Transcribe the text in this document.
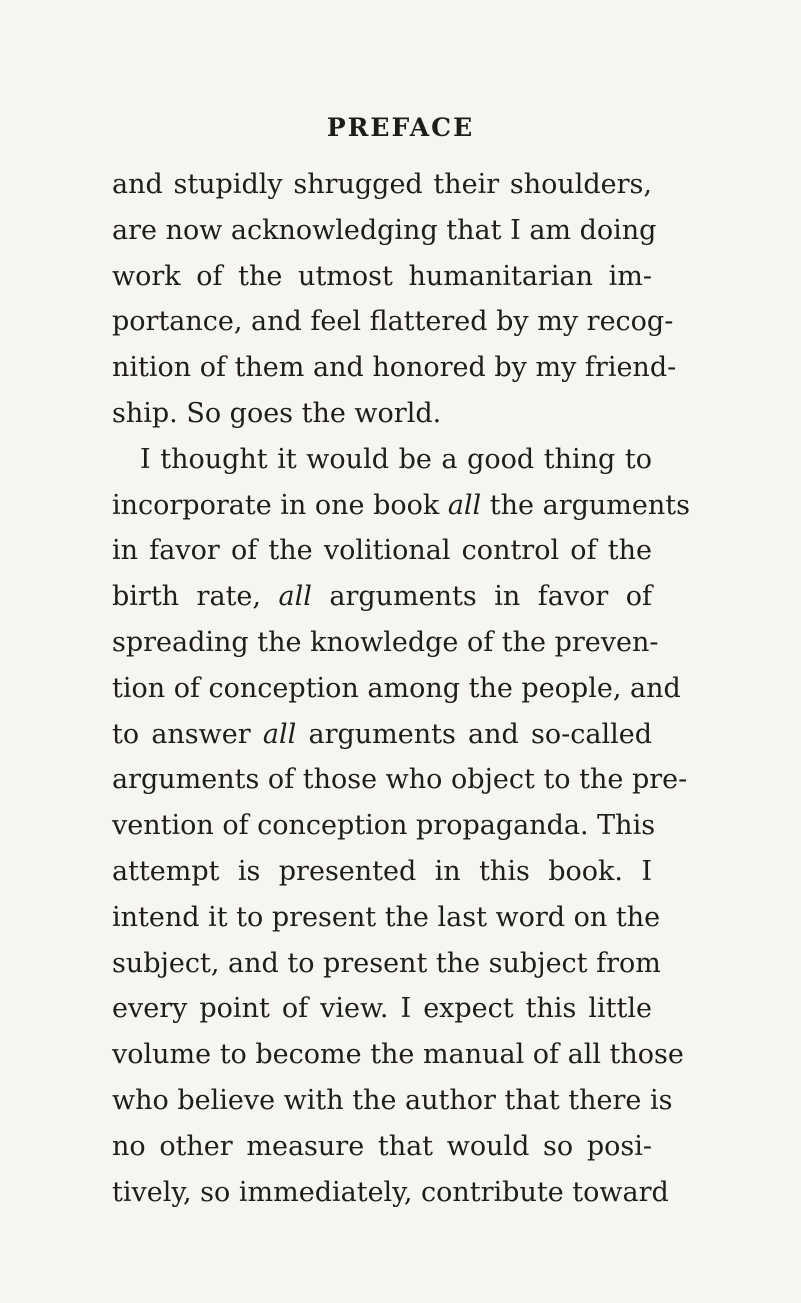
PREFACE
and stupidly shrugged their shoulders,
are now acknowledging that I am doing
work of the utmost humanitarian im-
portance, and feel flattered by my recog-
nition of them and honored by my friend-
ship. So goes the world.
I thought it would be a good thing to
incorporate in one book all the arguments
in favor of the volitional control of the
birth rate, all arguments in favor of
spreading the knowledge of the preven-
tion of conception among the people, and
to answer all arguments and so-called
arguments of those who object to the pre-
vention of conception propaganda. This
attempt is presented in this book. I
intend it to present the last word on the
subject, and to present the subject from
every point of view. I expect this little
volume to become the manual of all those
who believe with the author that there is
no other measure that would so posi-
tively, so immediately, contribute toward
